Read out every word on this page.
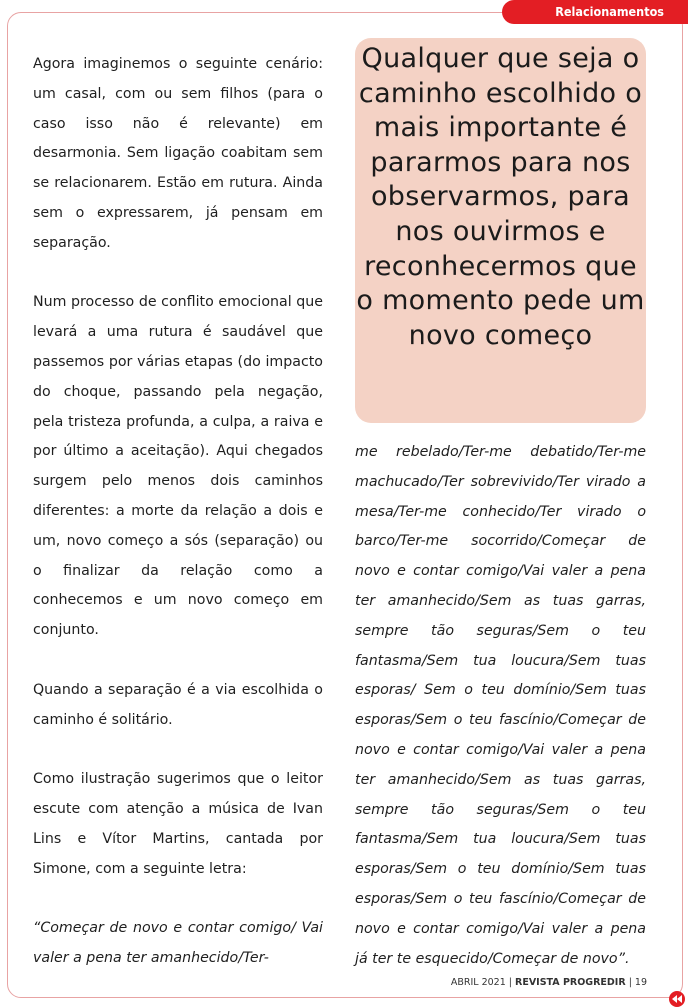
Relacionamentos

Agora imaginemos o seguinte cenário: um casal, com ou sem filhos (para o caso isso não é relevante) em desarmonia. Sem ligação coabitam sem se relacionarem. Estão em rutura. Ainda sem o expressarem, já pensam em separação.

Num processo de conflito emocional que levará a uma rutura é saudável que passemos por várias etapas (do impacto do choque, passando pela negação, pela tristeza profunda, a culpa, a raiva e por último a aceitação). Aqui chegados surgem pelo menos dois caminhos diferentes: a morte da relação a dois e um, novo começo a sós (separação) ou o finalizar da relação como a conhecemos e um novo começo em conjunto.

Quando a separação é a via escolhida o caminho é solitário.

Como ilustração sugerimos que o leitor escute com atenção a música de Ivan Lins e Vítor Martins, cantada por Simone, com a seguinte letra:

“Começar de novo e contar comigo/ Vai valer a pena ter amanhecido/Ter-

Qualquer que seja o caminho escolhido o mais importante é pararmos para nos observarmos, para nos ouvirmos e reconhecermos que o momento pede um novo começo

me rebelado/Ter-me debatido/Ter-me machucado/Ter sobrevivido/Ter virado a mesa/Ter-me conhecido/Ter virado o barco/Ter-me socorrido/Começar de novo e contar comigo/Vai valer a pena ter amanhecido/Sem as tuas garras, sempre tão seguras/Sem o teu fantasma/Sem tua loucura/Sem tuas esporas/ Sem o teu domínio/Sem tuas esporas/Sem o teu fascínio/Começar de novo e contar comigo/Vai valer a pena ter amanhecido/Sem as tuas garras, sempre tão seguras/Sem o teu fantasma/Sem tua loucura/Sem tuas esporas/Sem o teu domínio/Sem tuas esporas/Sem o teu fascínio/Começar de novo e contar comigo/Vai valer a pena já ter te esquecido/Começar de novo”.

ABRIL 2021 | REVISTA PROGREDIR | 19
